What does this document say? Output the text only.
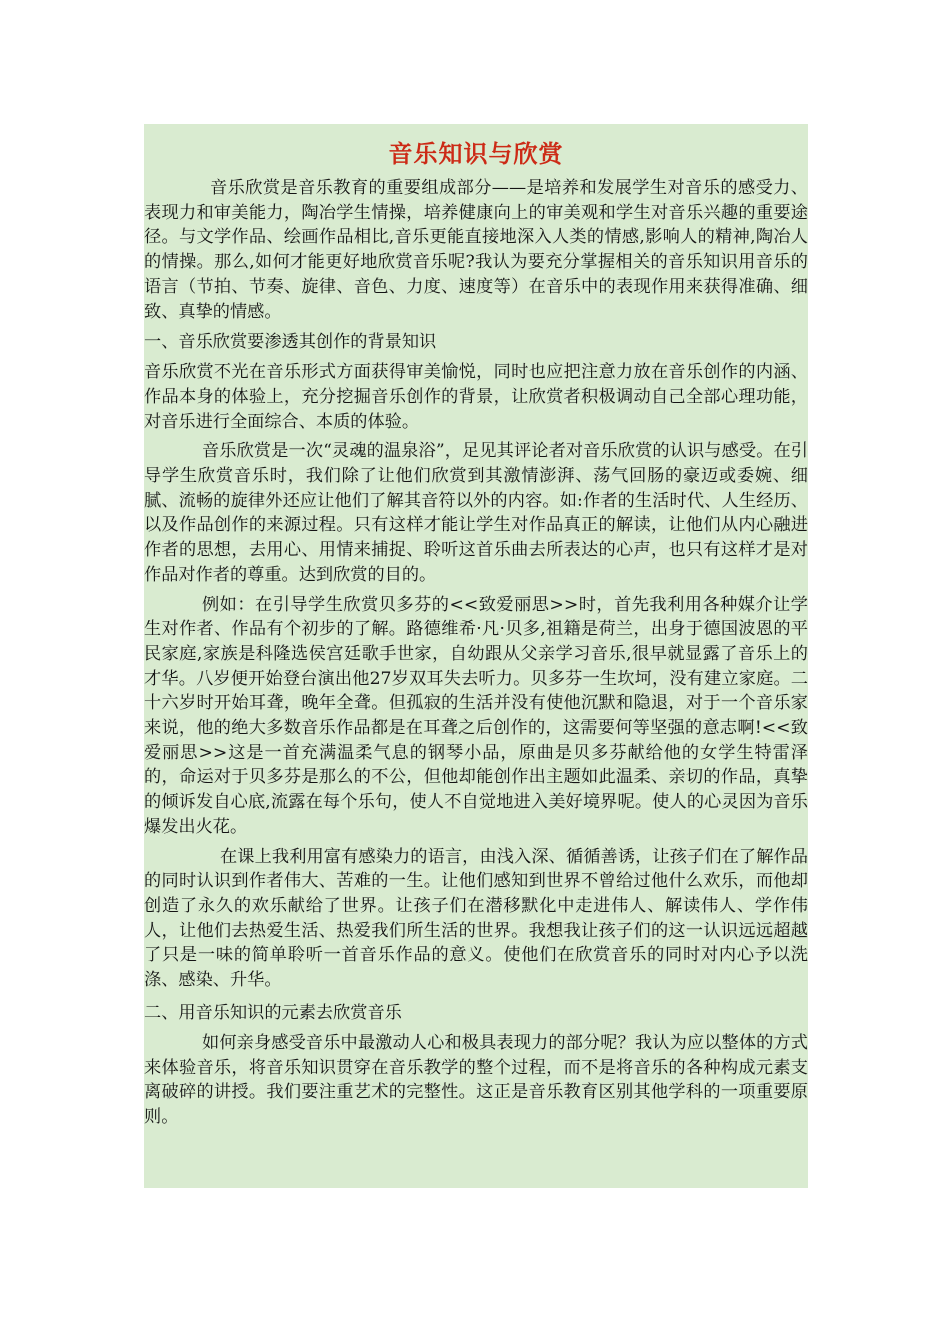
音乐知识与欣赏

音乐欣赏是音乐教育的重要组成部分——是培养和发展学生对音乐的感受力、表现力和审美能力，陶冶学生情操，培养健康向上的审美观和学生对音乐兴趣的重要途径。与文学作品、绘画作品相比,音乐更能直接地深入人类的情感,影响人的精神,陶冶人的情操。那么,如何才能更好地欣赏音乐呢?我认为要充分掌握相关的音乐知识用音乐的语言（节拍、节奏、旋律、音色、力度、速度等）在音乐中的表现作用来获得准确、细致、真挚的情感。

一、音乐欣赏要渗透其创作的背景知识

音乐欣赏不光在音乐形式方面获得审美愉悦，同时也应把注意力放在音乐创作的内涵、作品本身的体验上，充分挖掘音乐创作的背景，让欣赏者积极调动自己全部心理功能，对音乐进行全面综合、本质的体验。

音乐欣赏是一次“灵魂的温泉浴”，足见其评论者对音乐欣赏的认识与感受。在引导学生欣赏音乐时，我们除了让他们欣赏到其激情澎湃、荡气回肠的豪迈或委婉、细腻、流畅的旋律外还应让他们了解其音符以外的内容。如:作者的生活时代、人生经历、以及作品创作的来源过程。只有这样才能让学生对作品真正的解读，让他们从内心融进作者的思想，去用心、用情来捕捉、聆听这首乐曲去所表达的心声，也只有这样才是对作品对作者的尊重。达到欣赏的目的。

例如：在引导学生欣赏贝多芬的<<致爱丽思>>时，首先我利用各种媒介让学生对作者、作品有个初步的了解。路德维希·凡·贝多,祖籍是荷兰，出身于德国波恩的平民家庭,家族是科隆选侯宫廷歌手世家，自幼跟从父亲学习音乐,很早就显露了音乐上的才华。八岁便开始登台演出他27岁双耳失去听力。贝多芬一生坎坷，没有建立家庭。二十六岁时开始耳聋，晚年全聋。但孤寂的生活并没有使他沉默和隐退，对于一个音乐家来说，他的绝大多数音乐作品都是在耳聋之后创作的，这需要何等坚强的意志啊!<<致爱丽思>>这是一首充满温柔气息的钢琴小品，原曲是贝多芬献给他的女学生特雷泽的，命运对于贝多芬是那么的不公，但他却能创作出主题如此温柔、亲切的作品，真挚的倾诉发自心底,流露在每个乐句，使人不自觉地进入美好境界呢。使人的心灵因为音乐爆发出火花。

在课上我利用富有感染力的语言，由浅入深、循循善诱，让孩子们在了解作品的同时认识到作者伟大、苦难的一生。让他们感知到世界不曾给过他什么欢乐，而他却创造了永久的欢乐献给了世界。让孩子们在潜移默化中走进伟人、解读伟人、学作伟人，让他们去热爱生活、热爱我们所生活的世界。我想我让孩子们的这一认识远远超越了只是一味的简单聆听一首音乐作品的意义。使他们在欣赏音乐的同时对内心予以洗涤、感染、升华。

二、用音乐知识的元素去欣赏音乐

如何亲身感受音乐中最激动人心和极具表现力的部分呢？我认为应以整体的方式来体验音乐，将音乐知识贯穿在音乐教学的整个过程，而不是将音乐的各种构成元素支离破碎的讲授。我们要注重艺术的完整性。这正是音乐教育区别其他学科的一项重要原则。
